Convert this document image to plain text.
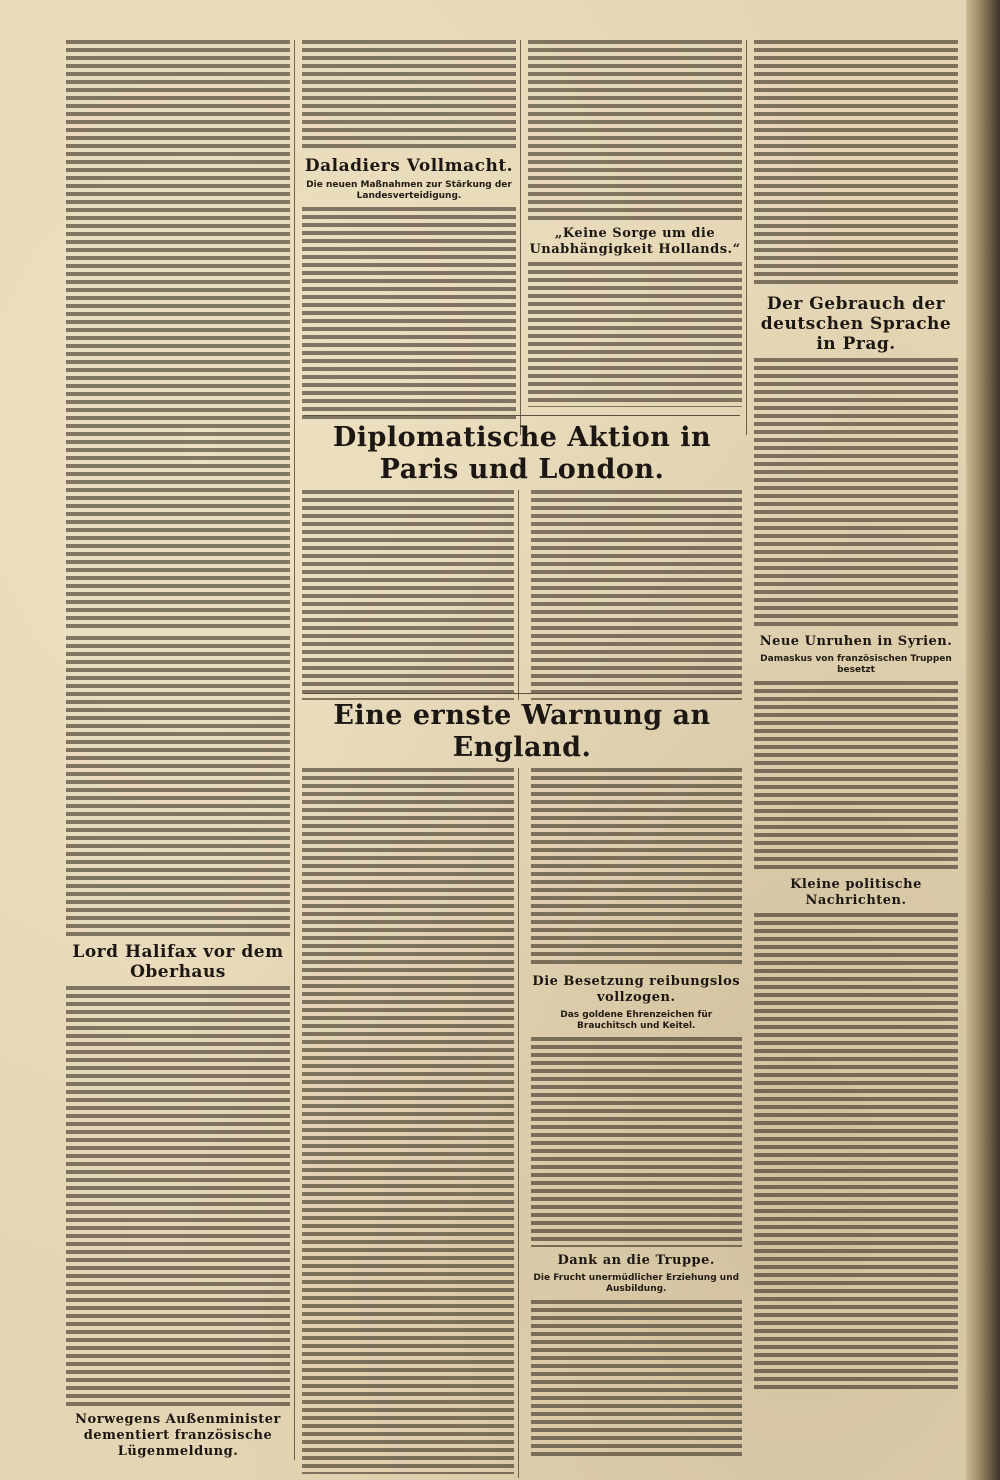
Lord Halifax vor dem Oberhaus
Norwegens Außenminister dementiert französische Lügenmeldung.
Daladiers Vollmacht.
Die neuen Maßnahmen zur Stärkung der Landesverteidigung.
„Keine Sorge um die Unabhängigkeit Hollands.“
Diplomatische Aktion in Paris und London.
Eine ernste Warnung an England.
Die Besetzung reibungslos vollzogen.
Das goldene Ehrenzeichen für Brauchitsch und Keitel.
Dank an die Truppe.
Die Frucht unermüdlicher Erziehung und Ausbildung.
Der Gebrauch der deutschen Sprache in Prag.
Neue Unruhen in Syrien.
Damaskus von französischen Truppen besetzt
Kleine politische Nachrichten.
